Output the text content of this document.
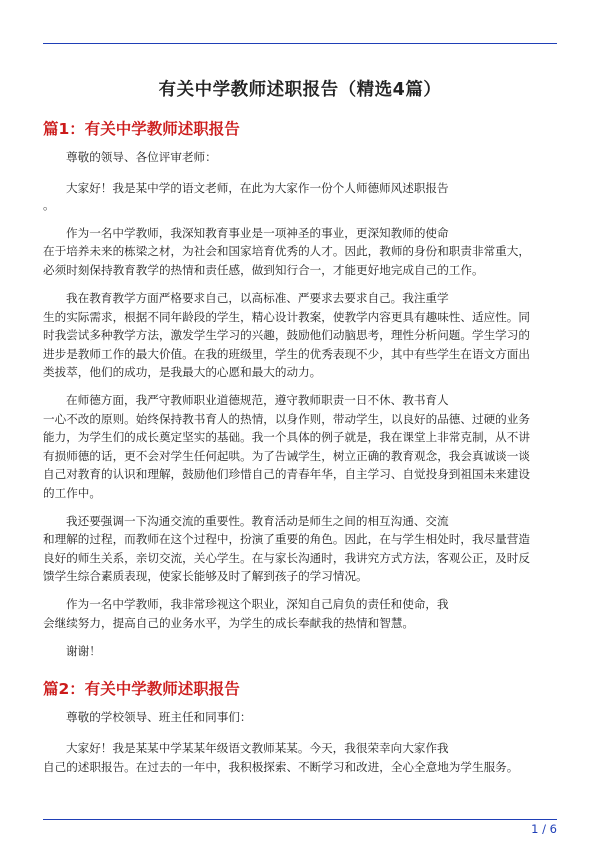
有关中学教师述职报告（精选4篇）
篇1：有关中学教师述职报告
尊敬的领导、各位评审老师：
大家好！我是某中学的语文老师，在此为大家作一份个人师德师风述职报告
。
作为一名中学教师，我深知教育事业是一项神圣的事业，更深知教师的使命
在于培养未来的栋梁之材，为社会和国家培育优秀的人才。因此，教师的身份和职责非常重大，
必须时刻保持教育教学的热情和责任感，做到知行合一，才能更好地完成自己的工作。
我在教育教学方面严格要求自己，以高标准、严要求去要求自己。我注重学
生的实际需求，根据不同年龄段的学生，精心设计教案，使教学内容更具有趣味性、适应性。同
时我尝试多种教学方法，激发学生学习的兴趣，鼓励他们动脑思考，理性分析问题。学生学习的
进步是教师工作的最大价值。在我的班级里，学生的优秀表现不少，其中有些学生在语文方面出
类拔萃，他们的成功，是我最大的心愿和最大的动力。
在师德方面，我严守教师职业道德规范，遵守教师职责一日不休、教书育人
一心不改的原则。始终保持教书育人的热情，以身作则，带动学生，以良好的品德、过硬的业务
能力，为学生们的成长奠定坚实的基础。我一个具体的例子就是，我在课堂上非常克制，从不讲
有损师德的话，更不会对学生任何起哄。为了告诫学生，树立正确的教育观念，我会真诚谈一谈
自己对教育的认识和理解，鼓励他们珍惜自己的青春年华，自主学习、自觉投身到祖国未来建设
的工作中。
我还要强调一下沟通交流的重要性。教育活动是师生之间的相互沟通、交流
和理解的过程，而教师在这个过程中，扮演了重要的角色。因此，在与学生相处时，我尽量营造
良好的师生关系，亲切交流，关心学生。在与家长沟通时，我讲究方式方法，客观公正，及时反
馈学生综合素质表现，使家长能够及时了解到孩子的学习情况。
作为一名中学教师，我非常珍视这个职业，深知自己肩负的责任和使命，我
会继续努力，提高自己的业务水平，为学生的成长奉献我的热情和智慧。
谢谢！
篇2：有关中学教师述职报告
尊敬的学校领导、班主任和同事们：
大家好！我是某某中学某某年级语文教师某某。今天，我很荣幸向大家作我
自己的述职报告。在过去的一年中，我积极探索、不断学习和改进，全心全意地为学生服务。
1 / 6
